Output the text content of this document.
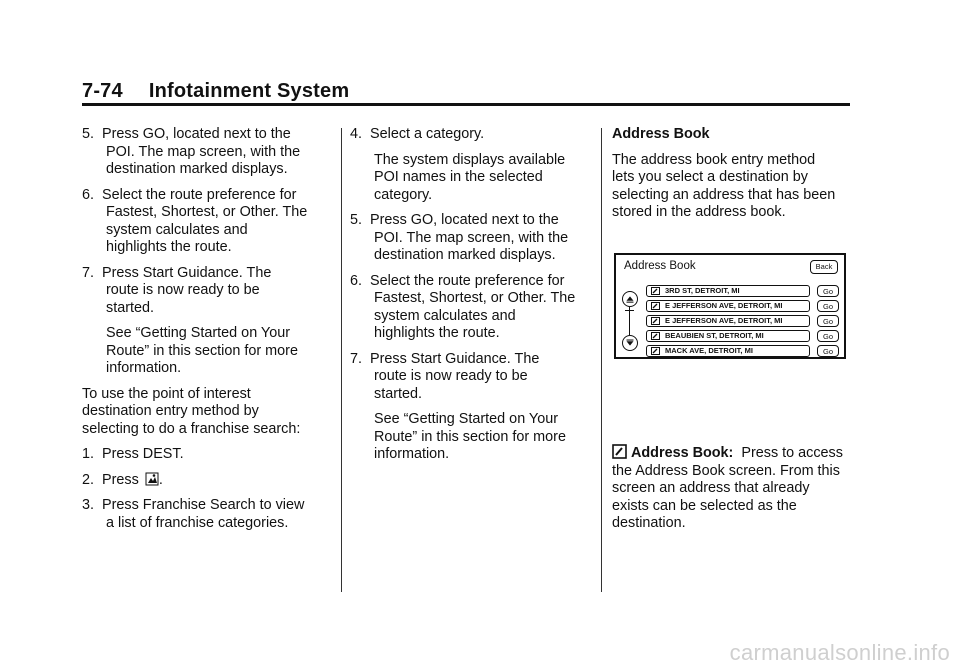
7-74 Infotainment System
5. Press GO, located next to the POI. The map screen, with the destination marked displays.
6. Select the route preference for Fastest, Shortest, or Other. The system calculates and highlights the route.
7. Press Start Guidance. The route is now ready to be started.
See “Getting Started on Your Route” in this section for more information.
To use the point of interest destination entry method by selecting to do a franchise search:
1. Press DEST.
2. Press .
3. Press Franchise Search to view a list of franchise categories.
4. Select a category.
The system displays available POI names in the selected category.
5. Press GO, located next to the POI. The map screen, with the destination marked displays.
6. Select the route preference for Fastest, Shortest, or Other. The system calculates and highlights the route.
7. Press Start Guidance. The route is now ready to be started.
See “Getting Started on Your Route” in this section for more information.
Address Book
The address book entry method lets you select a destination by selecting an address that has been stored in the address book.
Address Book	Back
3RD ST, DETROIT, MI	Go
E JEFFERSON AVE, DETROIT, MI	Go
E JEFFERSON AVE, DETROIT, MI	Go
BEAUBIEN ST, DETROIT, MI	Go
MACK AVE, DETROIT, MI	Go
Address Book: Press to access the Address Book screen. From this screen an address that already exists can be selected as the destination.
carmanualsonline.info
